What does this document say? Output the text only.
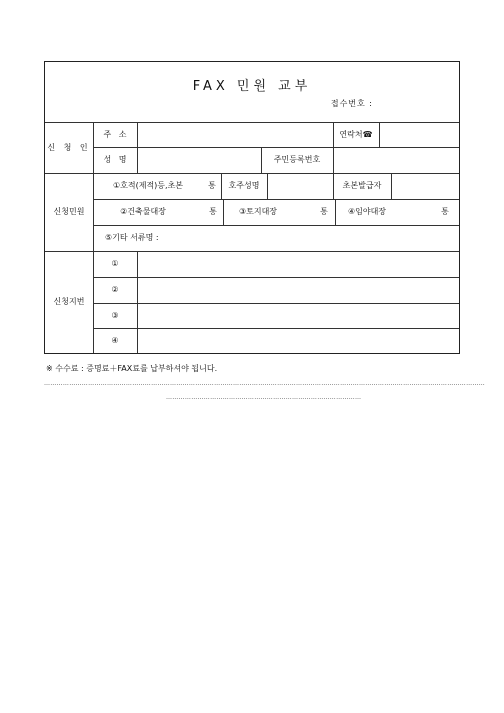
FAX 민원 교부
접수번호 :
신 청 인
주   소	연락처☎
성   명	주민등록번호
신청민원
①호적(제적)등,초본	통	호주성명	초본발급자
②건축물대장	통	③토지대장	통	④임야대장	통
⑤기타 서류명 :
신청지번
①
②
③
④
※ 수수료 : 증명료＋FAX료를 납부하셔야 됩니다.
…………………………………………………………………………………………………………………………………………………………………………………………
…………………………………………………………………………………
